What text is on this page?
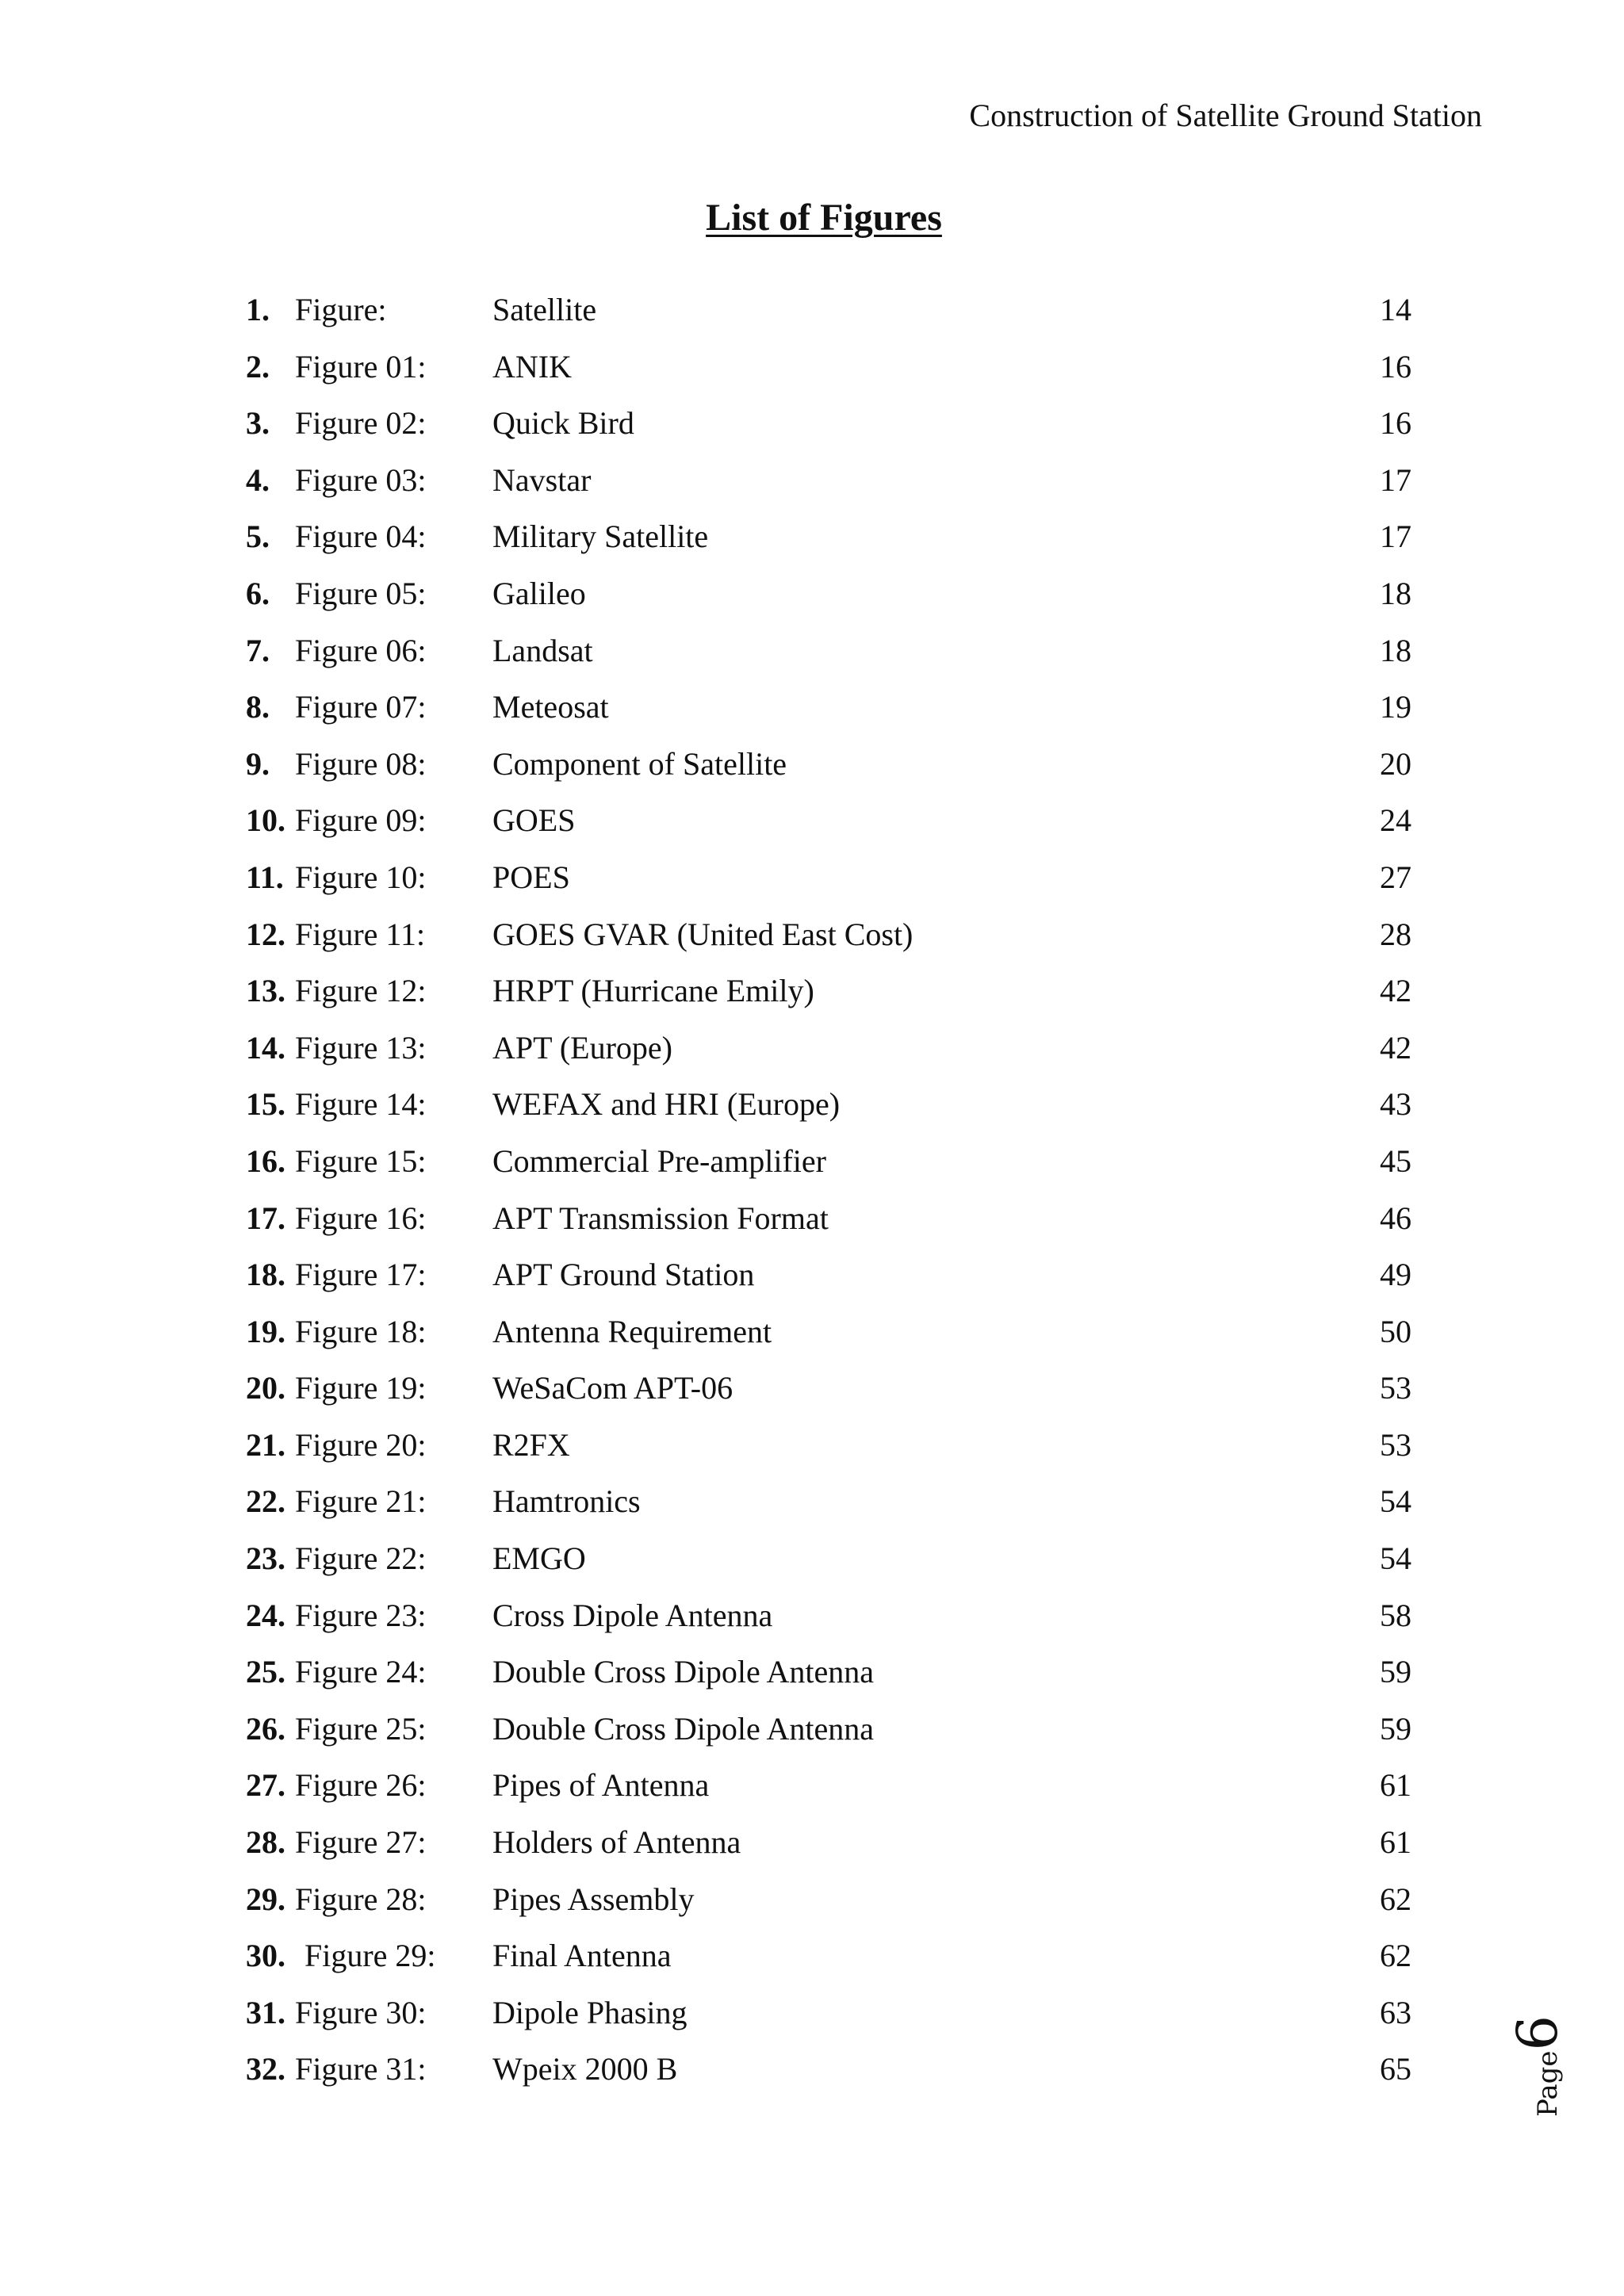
Construction of Satellite Ground Station
List of Figures
1. Figure:	Satellite	14
2. Figure 01: ANIK	16
3. Figure 02: Quick Bird	16
4. Figure 03: Navstar	17
5. Figure 04: Military Satellite	17
6. Figure 05: Galileo	18
7. Figure 06: Landsat	18
8. Figure 07: Meteosat	19
9. Figure 08: Component of Satellite	20
10. Figure 09: GOES	24
11. Figure 10: POES	27
12. Figure 11: GOES GVAR (United East Cost)	28
13. Figure 12: HRPT (Hurricane Emily)	42
14. Figure 13: APT (Europe)	42
15. Figure 14: WEFAX and HRI (Europe)	43
16. Figure 15: Commercial Pre-amplifier	45
17. Figure 16: APT Transmission Format	46
18. Figure 17: APT Ground Station	49
19. Figure 18: Antenna Requirement	50
20. Figure 19: WeSaCom APT-06	53
21. Figure 20: R2FX	53
22. Figure 21: Hamtronics	54
23. Figure 22: EMGO	54
24. Figure 23: Cross Dipole Antenna	58
25. Figure 24: Double Cross Dipole Antenna	59
26. Figure 25: Double Cross Dipole Antenna	59
27. Figure 26: Pipes of Antenna	61
28. Figure 27: Holders of Antenna	61
29. Figure 28: Pipes Assembly	62
30. Figure 29: Final Antenna	62
31. Figure 30: Dipole Phasing	63
32. Figure 31: Wpeix 2000 B	65	Page6
